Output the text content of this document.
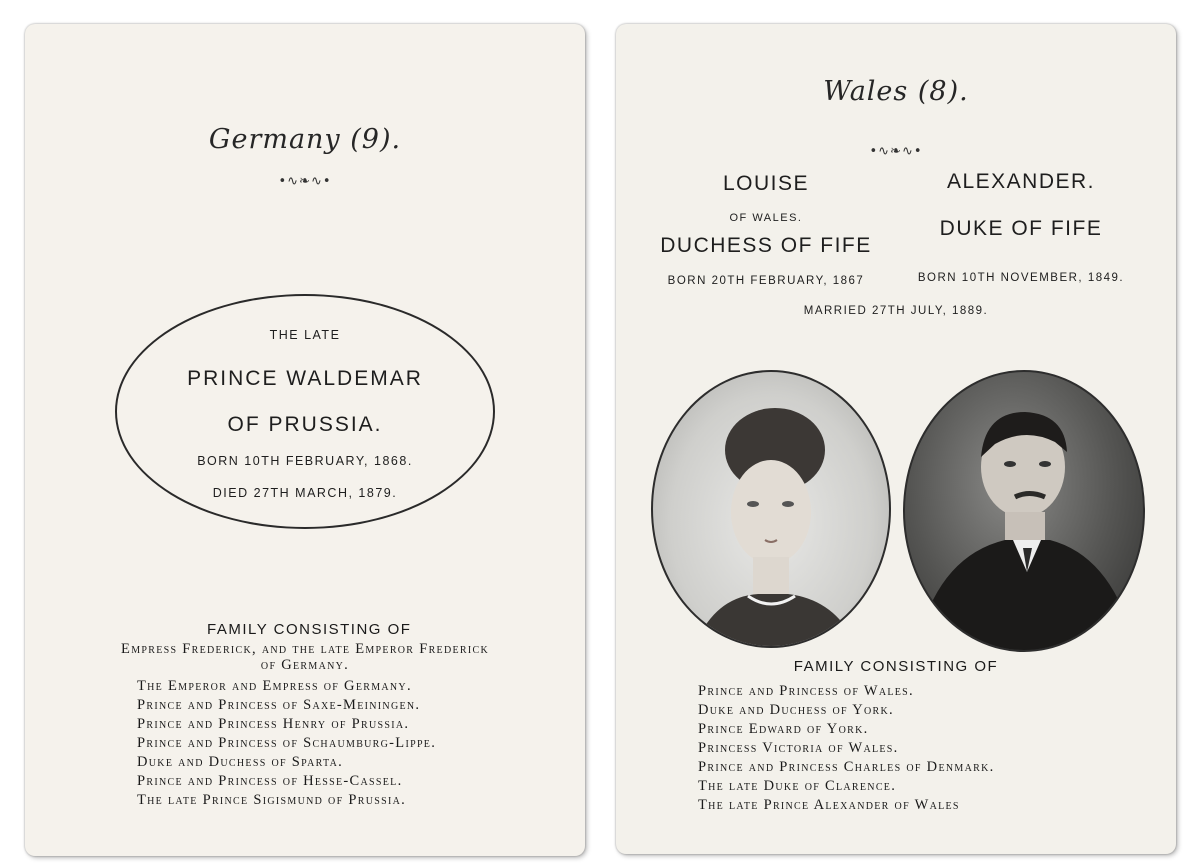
Germany (9).
•∿❧∿•
THE LATE
PRINCE WALDEMAR
OF PRUSSIA.
BORN 10TH FEBRUARY, 1868.
DIED 27TH MARCH, 1879.
FAMILY CONSISTING OF
Empress Frederick, and the late Emperor Frederick
of Germany.
The Emperor and Empress of Germany.
Prince and Princess of Saxe-Meiningen.
Prince and Princess Henry of Prussia.
Prince and Princess of Schaumburg-Lippe.
Duke and Duchess of Sparta.
Prince and Princess of Hesse-Cassel.
The late Prince Sigismund of Prussia.
Wales (8).
•∿❧∿•
LOUISE
OF WALES.
DUCHESS OF FIFE
BORN 20TH FEBRUARY, 1867
ALEXANDER.
DUKE OF FIFE
BORN 10TH NOVEMBER, 1849.
MARRIED 27TH JULY, 1889.
FAMILY CONSISTING OF
Prince and Princess of Wales.
Duke and Duchess of York.
Prince Edward of York.
Princess Victoria of Wales.
Prince and Princess Charles of Denmark.
The late Duke of Clarence.
The late Prince Alexander of Wales
